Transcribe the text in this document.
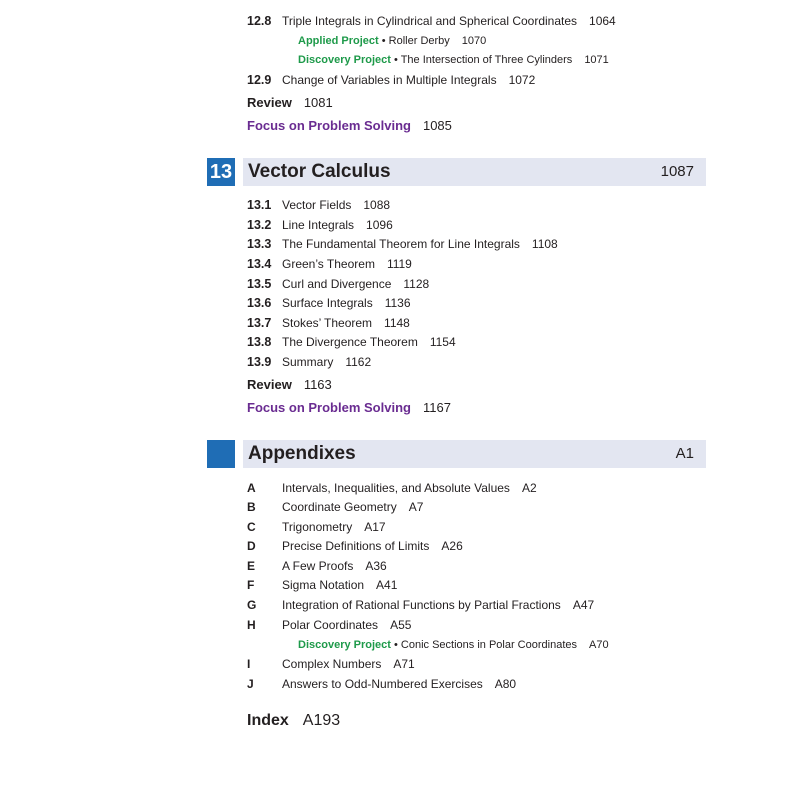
12.8 Triple Integrals in Cylindrical and Spherical Coordinates 1064
Applied Project • Roller Derby 1070
Discovery Project • The Intersection of Three Cylinders 1071
12.9 Change of Variables in Multiple Integrals 1072
Review 1081
Focus on Problem Solving 1085
13 Vector Calculus	1087
13.1 Vector Fields 1088
13.2 Line Integrals 1096
13.3 The Fundamental Theorem for Line Integrals 1108
13.4 Green’s Theorem 1119
13.5 Curl and Divergence 1128
13.6 Surface Integrals 1136
13.7 Stokes’ Theorem 1148
13.8 The Divergence Theorem 1154
13.9 Summary 1162
Review 1163
Focus on Problem Solving 1167
Appendixes	A1
A Intervals, Inequalities, and Absolute Values A2
B Coordinate Geometry A7
C Trigonometry A17
D Precise Definitions of Limits A26
E A Few Proofs A36
F Sigma Notation A41
G Integration of Rational Functions by Partial Fractions A47
H Polar Coordinates A55
Discovery Project • Conic Sections in Polar Coordinates A70
I	Complex Numbers A71
J Answers to Odd-Numbered Exercises A80
Index A193
